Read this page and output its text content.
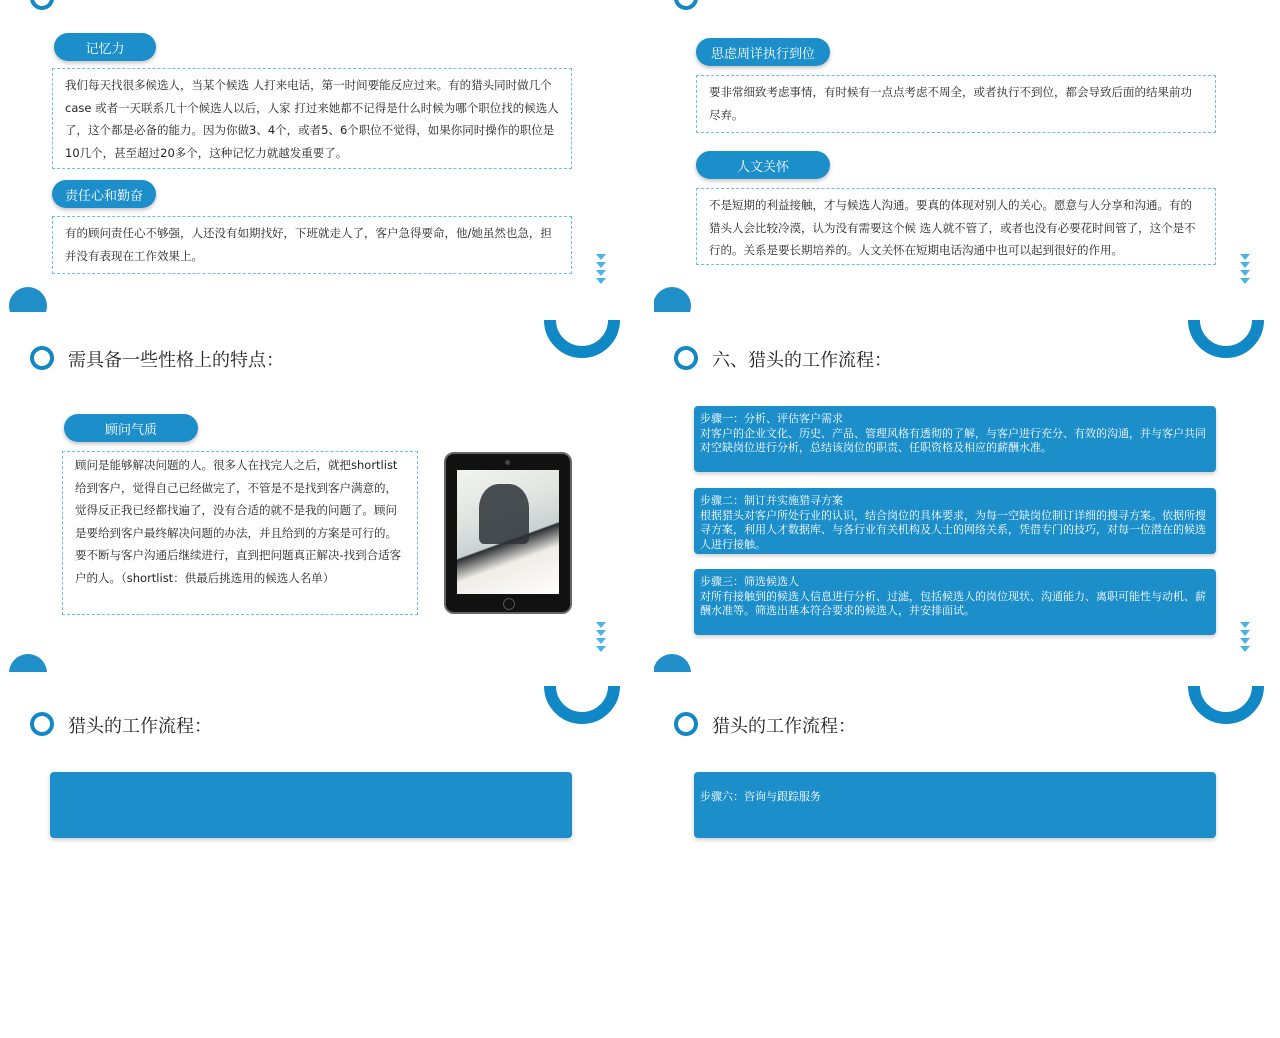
记忆力
我们每天找很多候选人，当某个候选 人打来电话，第一时间要能反应过来。有的猎头同时做几个case 或者一天联系几十个候选人以后，人家 打过来她都不记得是什么时候为哪个职位找的候选人了，这个都是必备的能力。因为你做3、4个，或者5、6个职位不觉得，如果你同时操作的职位是10几个，甚至超过20多个，这种记忆力就越发重要了。
责任心和勤奋
有的顾问责任心不够强，人还没有如期找好，下班就走人了，客户急得要命，他/她虽然也急，担并没有表现在工作效果上。
思虑周详执行到位
要非常细致考虑事情，有时候有一点点考虑不周全，或者执行不到位，都会导致后面的结果前功尽弃。
人文关怀
不是短期的利益接触，才与候选人沟通。要真的体现对别人的关心。愿意与人分享和沟通。有的猎头人会比较冷漠，认为没有需要这个候 选人就不管了，或者也没有必要花时间管了，这个是不行的。关系是要长期培养的。人文关怀在短期电话沟通中也可以起到很好的作用。
需具备一些性格上的特点：
顾问气质
顾问是能够解决问题的人。很多人在找完人之后，就把shortlist给到客户，觉得自己已经做完了，不管是不是找到客户满意的，觉得反正我已经都找遍了，没有合适的就不是我的问题了。顾问是要给到客户最终解决问题的办法，并且给到的方案是可行的。要不断与客户沟通后继续进行，直到把问题真正解决-找到合适客户的人。（shortlist：供最后挑选用的候选人名单）
六、猎头的工作流程：
步骤一：分析、评估客户需求
对客户的企业文化、历史、产品、管理风格有透彻的了解，与客户进行充分、有效的沟通，并与客户共同对空缺岗位进行分析，总结该岗位的职责、任职资格及相应的薪酬水准。
步骤二：制订并实施猎寻方案
根据猎头对客户所处行业的认识，结合岗位的具体要求，为每一空缺岗位制订详细的搜寻方案。依据所搜寻方案，利用人才数据库、与各行业有关机构及人士的网络关系，凭借专门的技巧，对每一位潜在的候选人进行接触。
步骤三：筛选候选人
对所有接触到的候选人信息进行分析、过滤，包括候选人的岗位现状、沟通能力、离职可能性与动机、薪酬水准等。筛选出基本符合要求的候选人，并安排面试。
猎头的工作流程：	猎头的工作流程：
步骤六：咨询与跟踪服务
